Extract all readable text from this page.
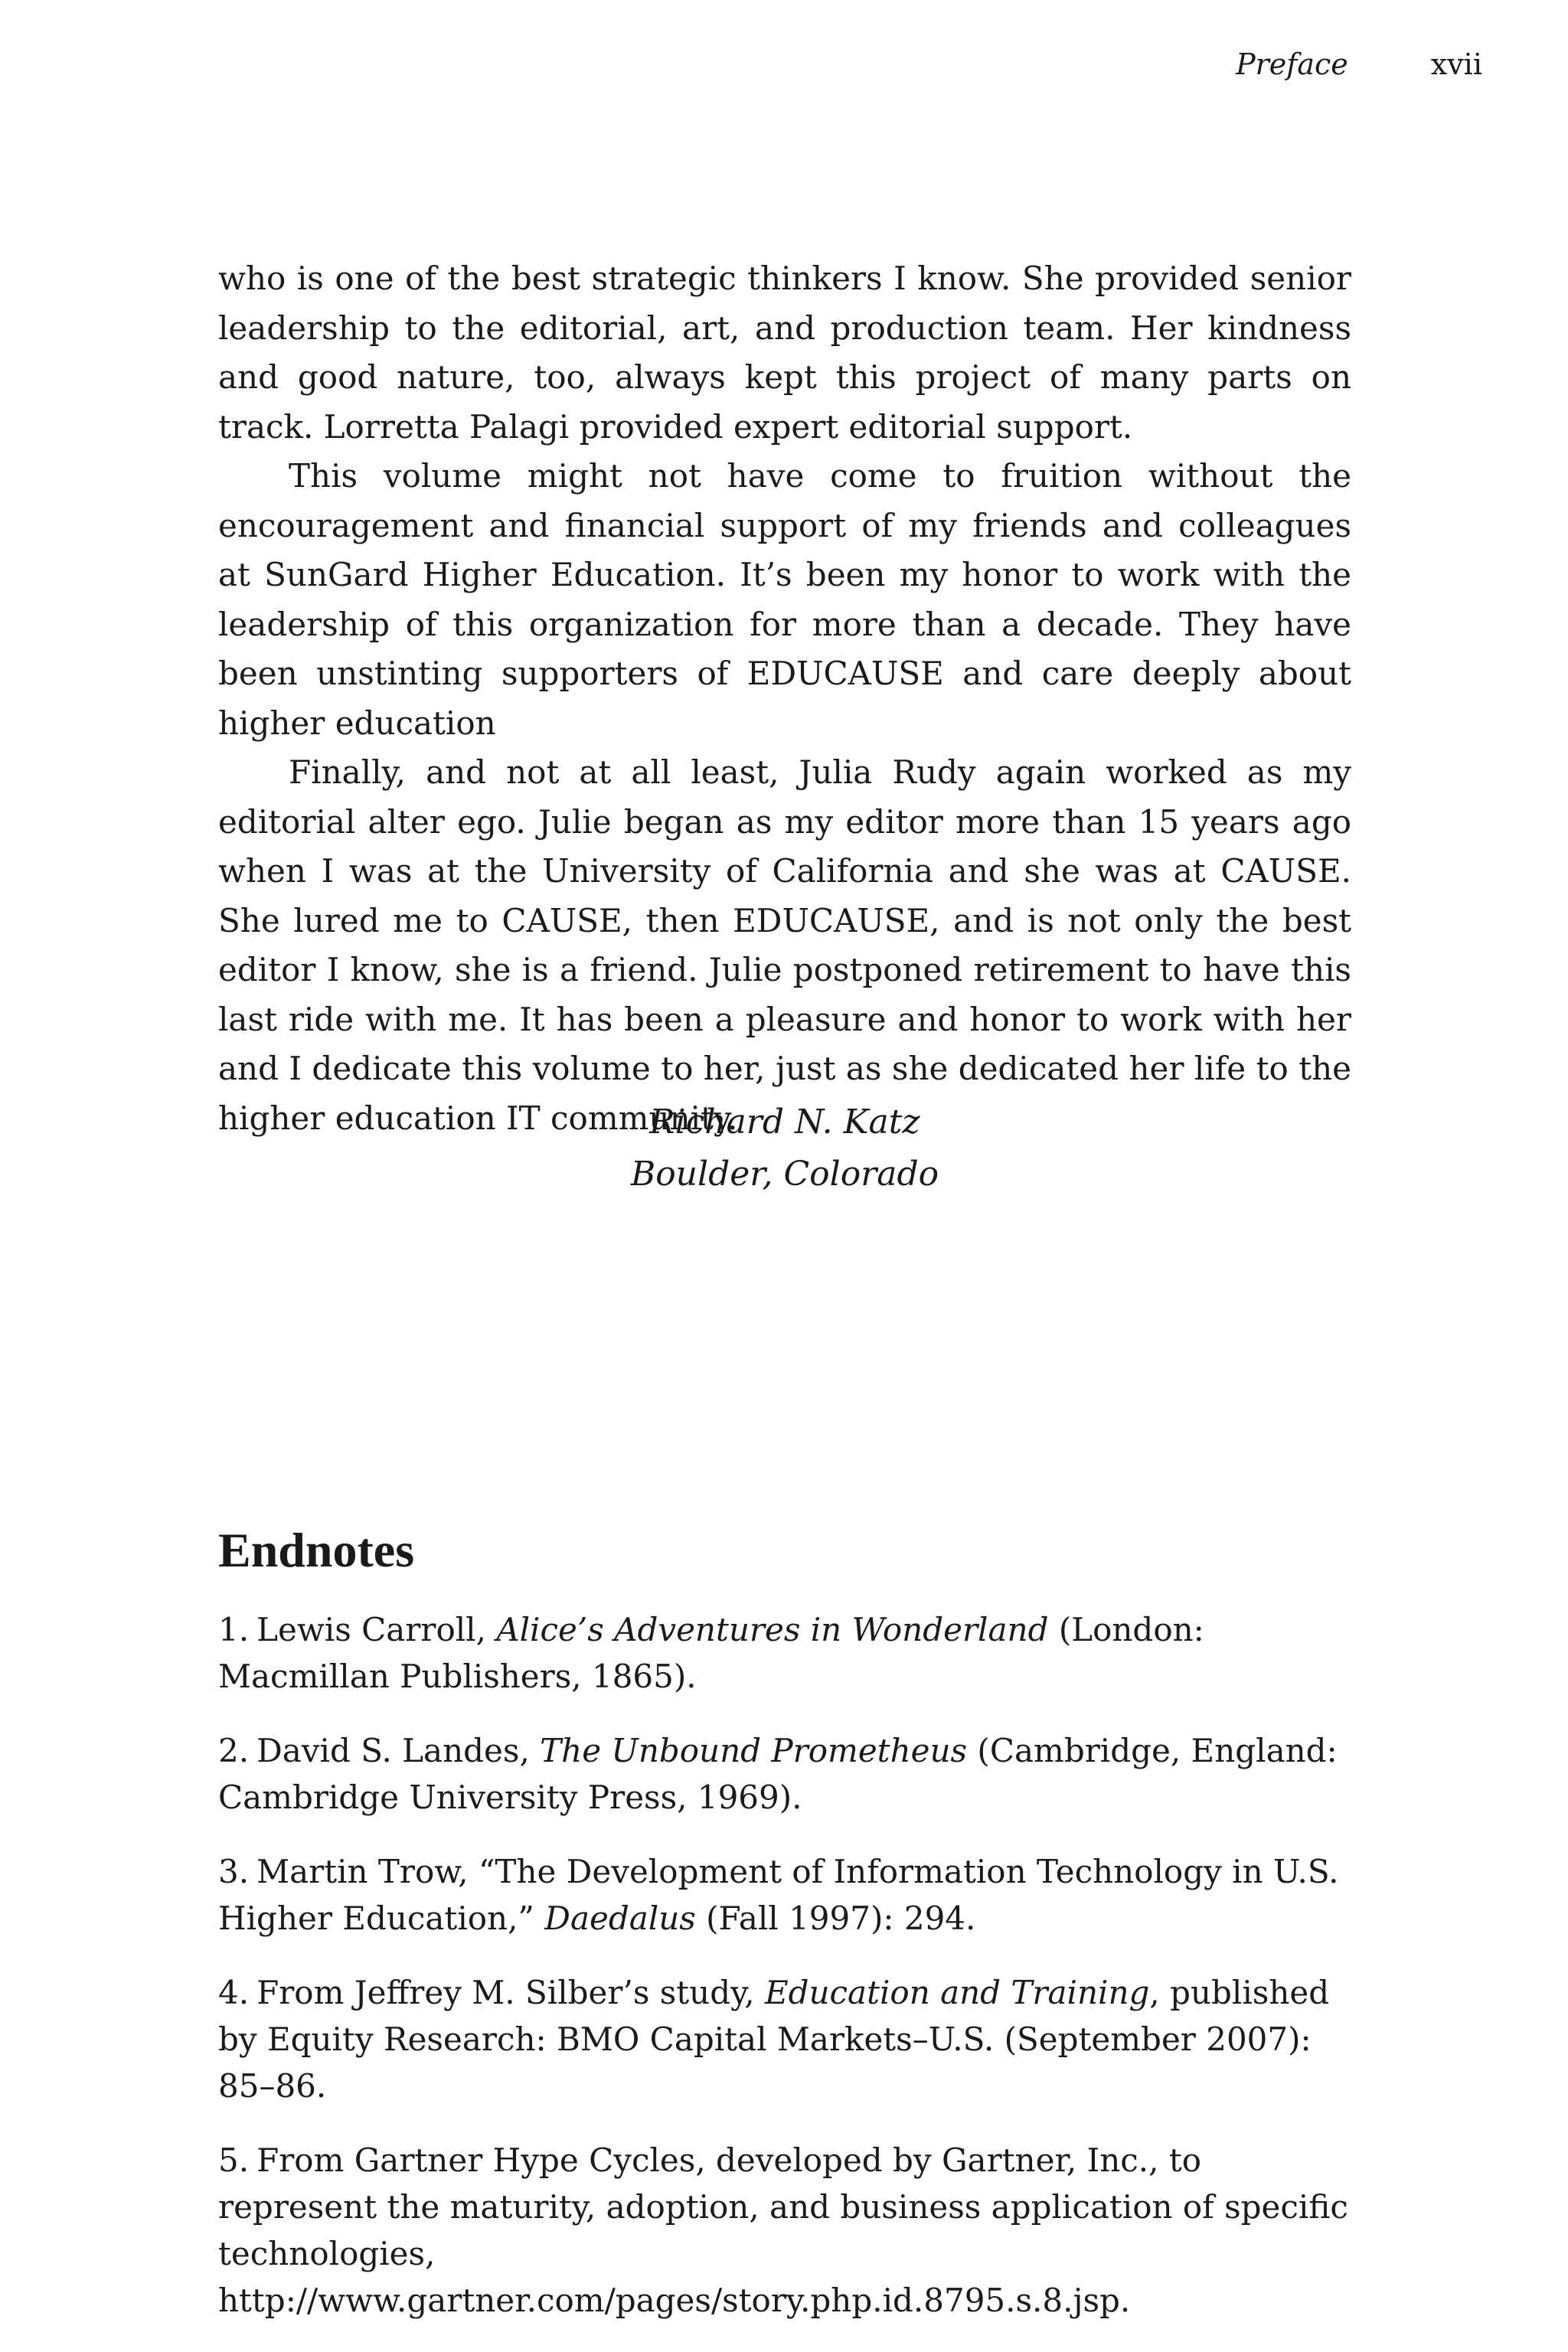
Preface	xvii

who is one of the best strategic thinkers I know. She provided senior leadership to the editorial, art, and production team. Her kindness and good nature, too, always kept this project of many parts on track. Lorretta Palagi provided expert editorial support.

This volume might not have come to fruition without the encouragement and financial support of my friends and colleagues at SunGard Higher Education. It’s been my honor to work with the leadership of this organization for more than a decade. They have been unstinting supporters of EDUCAUSE and care deeply about higher education

Finally, and not at all least, Julia Rudy again worked as my editorial alter ego. Julie began as my editor more than 15 years ago when I was at the University of California and she was at CAUSE. She lured me to CAUSE, then EDUCAUSE, and is not only the best editor I know, she is a friend. Julie postponed retirement to have this last ride with me. It has been a pleasure and honor to work with her and I dedicate this volume to her, just as she dedicated her life to the higher education IT community.

Richard N. Katz
Boulder, Colorado
Endnotes

1. Lewis Carroll, Alice’s Adventures in Wonderland (London: Macmillan Publishers, 1865).

2. David S. Landes, The Unbound Prometheus (Cambridge, England: Cambridge University Press, 1969).

3. Martin Trow, “The Development of Information Technology in U.S. Higher Education,” Daedalus (Fall 1997): 294.

4. From Jeffrey M. Silber’s study, Education and Training, published by Equity Research: BMO Capital Markets–U.S. (September 2007): 85–86.

5. From Gartner Hype Cycles, developed by Gartner, Inc., to represent the maturity, adoption, and business application of specific technologies, http://www.gartner.com/pages/story.php.id.8795.s.8.jsp.
